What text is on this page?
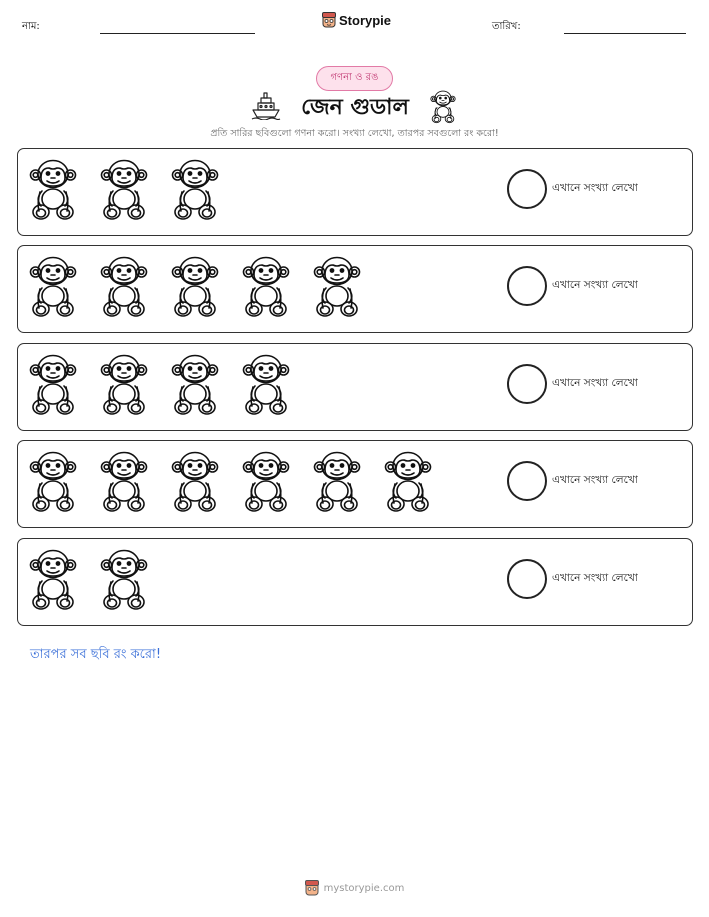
নাম:	Storypie	তারিখ:
গণনা ও রঙ
জেন গুডাল
প্রতি সারির ছবিগুলো গণনা করো। সংখ্যা লেখো, তারপর সবগুলো রং করো!
এখানে সংখ্যা লেখো
এখানে সংখ্যা লেখো
এখানে সংখ্যা লেখো
এখানে সংখ্যা লেখো
এখানে সংখ্যা লেখো
তারপর সব ছবি রং করো!
mystorypie.com
